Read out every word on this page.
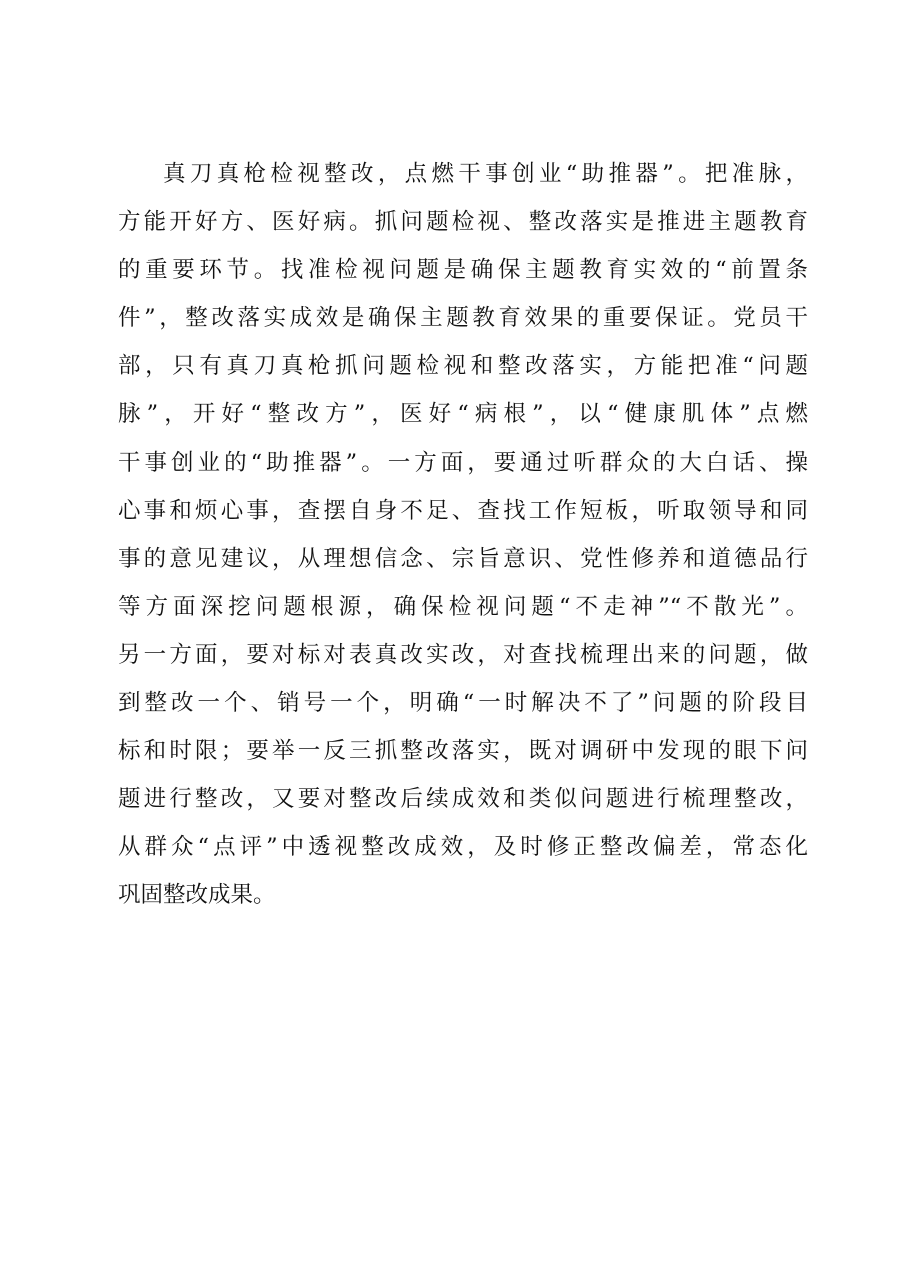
真刀真枪检视整改，点燃干事创业“助推器”。把准脉，
方能开好方、医好病。抓问题检视、整改落实是推进主题教育
的重要环节。找准检视问题是确保主题教育实效的“前置条
件”，整改落实成效是确保主题教育效果的重要保证。党员干
部，只有真刀真枪抓问题检视和整改落实，方能把准“问题
脉”，开好“整改方”，医好“病根”，以“健康肌体”点燃
干事创业的“助推器”。一方面，要通过听群众的大白话、操
心事和烦心事，查摆自身不足、查找工作短板，听取领导和同
事的意见建议，从理想信念、宗旨意识、党性修养和道德品行
等方面深挖问题根源，确保检视问题“不走神”“不散光”。
另一方面，要对标对表真改实改，对查找梳理出来的问题，做
到整改一个、销号一个，明确“一时解决不了”问题的阶段目
标和时限；要举一反三抓整改落实，既对调研中发现的眼下问
题进行整改，又要对整改后续成效和类似问题进行梳理整改，
从群众“点评”中透视整改成效，及时修正整改偏差，常态化
巩固整改成果。
